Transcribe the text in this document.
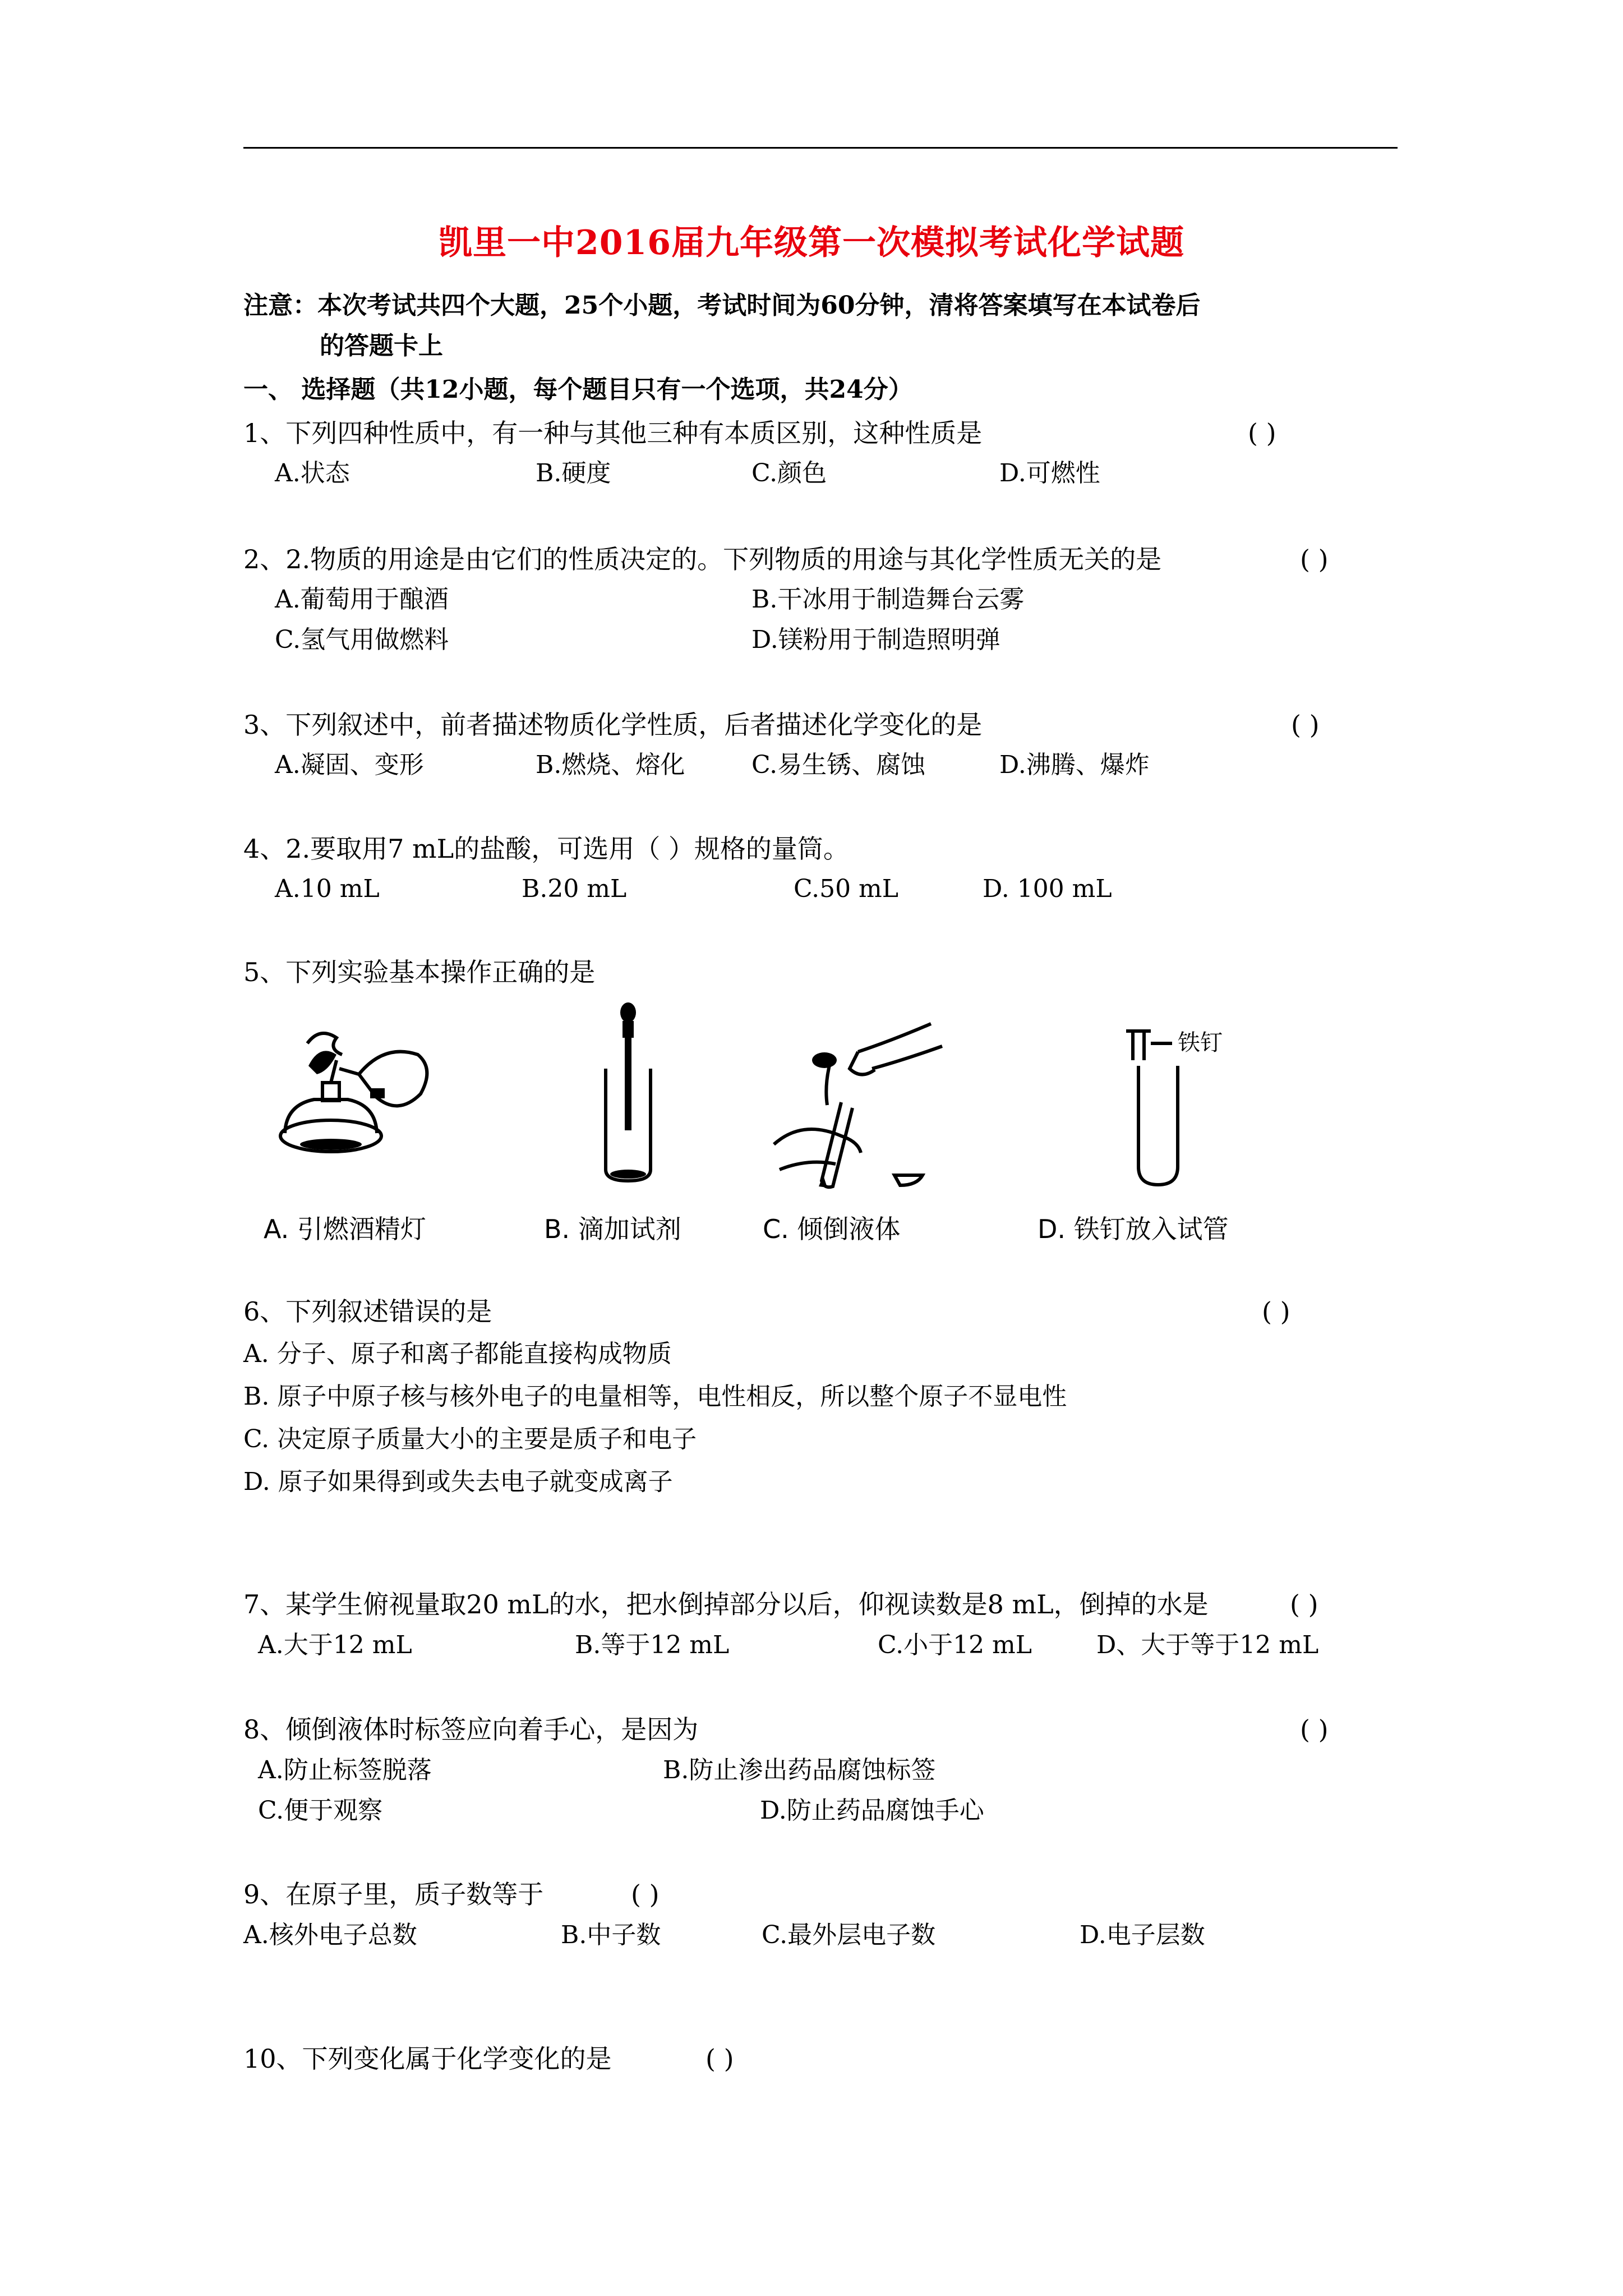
凯里一中2016届九年级第一次模拟考试化学试题
注意：本次考试共四个大题，25个小题，考试时间为60分钟，清将答案填写在本试卷后
的答题卡上
一、 选择题（共12小题，每个题目只有一个选项，共24分）
1、下列四种性质中，有一种与其他三种有本质区别，这种性质是	( )
A.状态	B.硬度	C.颜色	D.可燃性
2、2.物质的用途是由它们的性质决定的。下列物质的用途与其化学性质无关的是	( )
A.葡萄用于酿酒	B.干冰用于制造舞台云雾
C.氢气用做燃料	D.镁粉用于制造照明弹
3、下列叙述中，前者描述物质化学性质，后者描述化学变化的是	( )
A.凝固、变形	B.燃烧、熔化	C.易生锈、腐蚀	D.沸腾、爆炸
4、2.要取用7 mL的盐酸，可选用（ ）规格的量筒。
A.10 mL	B.20 mL	C.50 mL	D. 100 mL
5、下列实验基本操作正确的是
铁钉
A. 引燃酒精灯	B. 滴加试剂	C. 倾倒液体	D. 铁钉放入试管
6、下列叙述错误的是	( )
A. 分子、原子和离子都能直接构成物质
B. 原子中原子核与核外电子的电量相等，电性相反，所以整个原子不显电性
C. 决定原子质量大小的主要是质子和电子
D. 原子如果得到或失去电子就变成离子
7、某学生俯视量取20 mL的水，把水倒掉部分以后，仰视读数是8 mL，倒掉的水是	( )
A.大于12 mL	B.等于12 mL	C.小于12 mL	D、大于等于12 mL
8、倾倒液体时标签应向着手心，是因为	( )
A.防止标签脱落	B.防止渗出药品腐蚀标签
C.便于观察	D.防止药品腐蚀手心
9、在原子里，质子数等于	( )
A.核外电子总数	B.中子数	C.最外层电子数	D.电子层数
10、下列变化属于化学变化的是	( )
